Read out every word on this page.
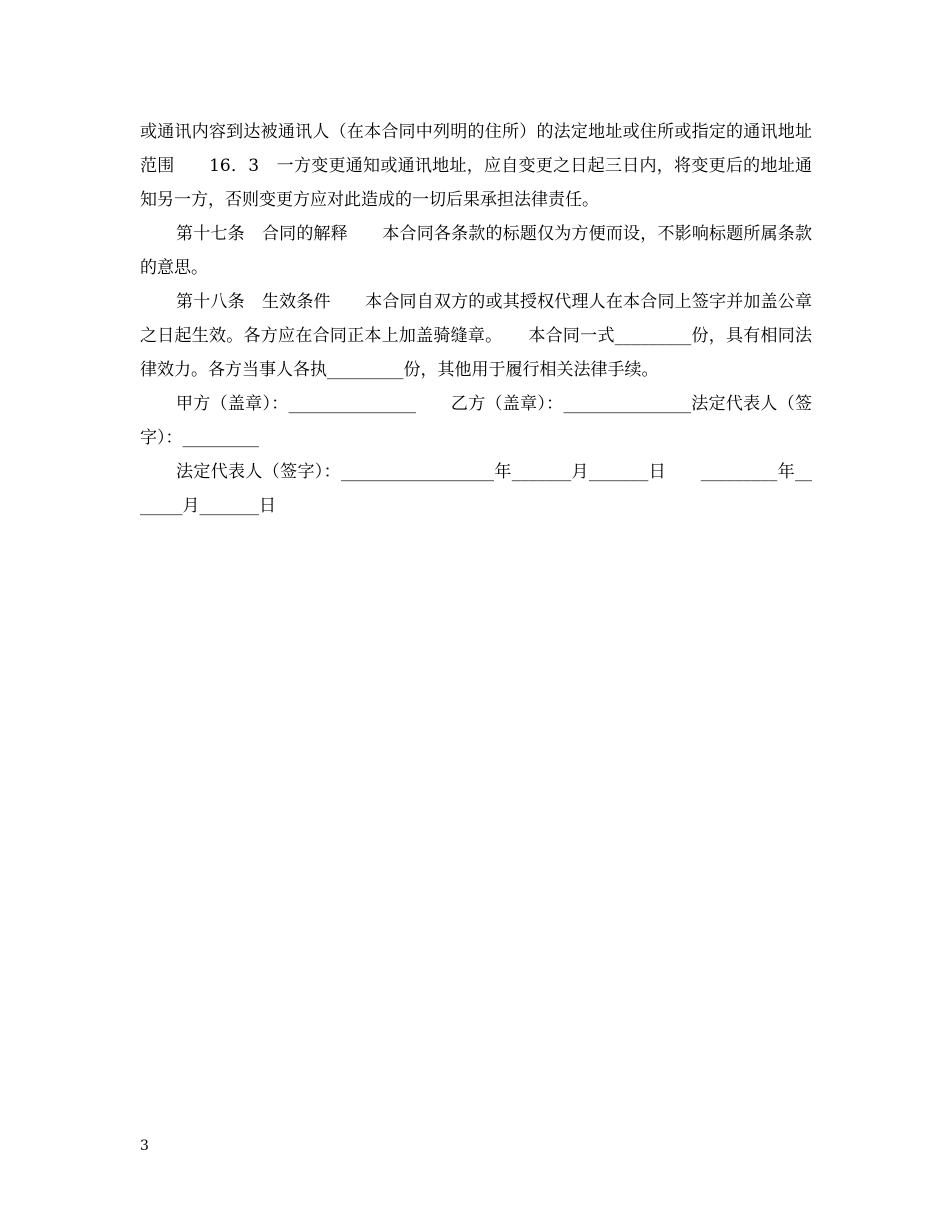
或通讯内容到达被通讯人（在本合同中列明的住所）的法定地址或住所或指定的通讯地址范围　　16．3　一方变更通知或通讯地址，应自变更之日起三日内，将变更后的地址通知另一方，否则变更方应对此造成的一切后果承担法律责任。

第十七条　合同的解释　　本合同各条款的标题仅为方便而设，不影响标题所属条款的意思。

第十八条　生效条件　　本合同自双方的或其授权代理人在本合同上签字并加盖公章之日起生效。各方应在合同正本上加盖骑缝章。　　本合同一式_________份，具有相同法律效力。各方当事人各执_________份，其他用于履行相关法律手续。

甲方（盖章）：_______________　　乙方（盖章）：_______________法定代表人（签字）：_________

法定代表人（签字）：__________________年_______月_______日　　_________年_______月_______日

3
